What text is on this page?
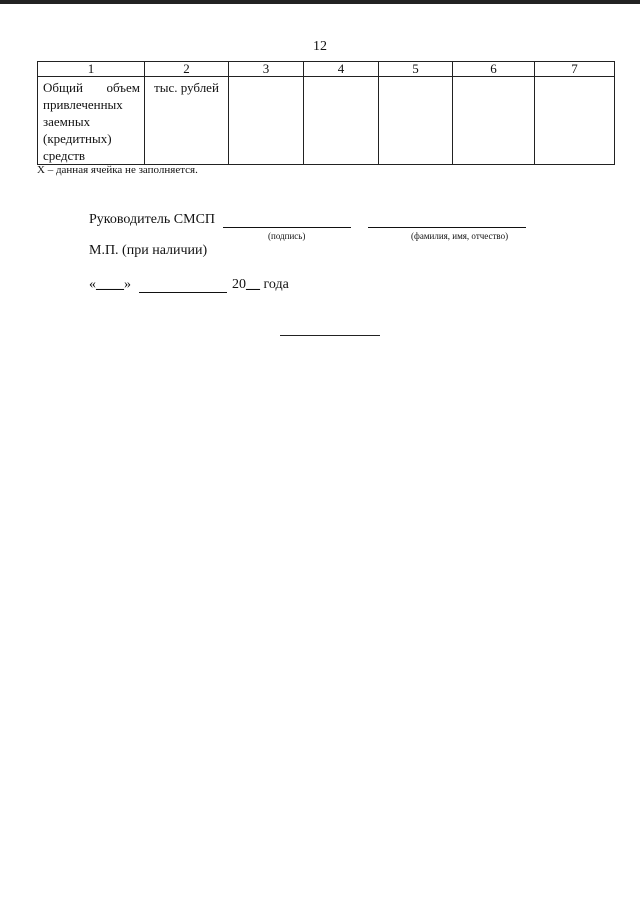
12
1	2	3	4	5	6	7
Общий объем привлеченных заемных (кредитных) средств	тыс. рублей					
Х – данная ячейка не заполняется.
Руководитель СМСП
(подпись)	(фамилия, имя, отчество)
М.П. (при наличии)
«____»	20__ года
